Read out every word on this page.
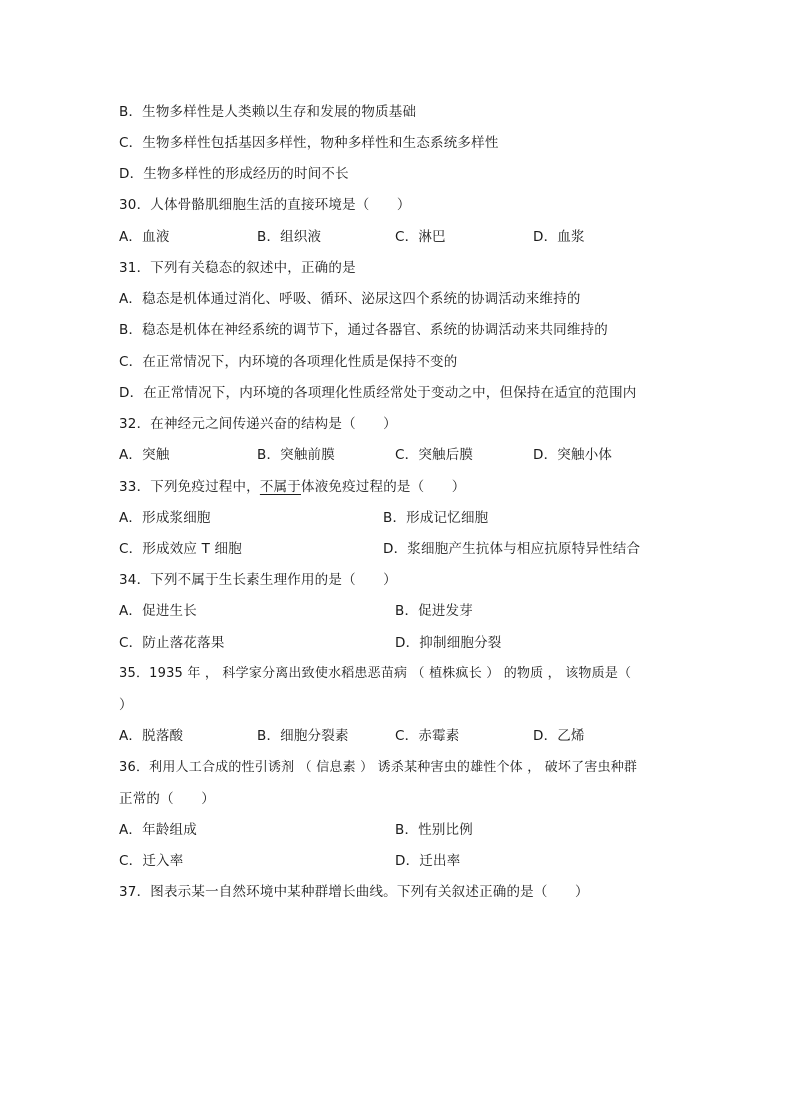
B．生物多样性是人类赖以生存和发展的物质基础

C．生物多样性包括基因多样性，物种多样性和生态系统多样性

D．生物多样性的形成经历的时间不长

30．人体骨骼肌细胞生活的直接环境是（　　）

A．血液	B．组织液	C．淋巴	D．血浆

31．下列有关稳态的叙述中，正确的是

A．稳态是机体通过消化、呼吸、循环、泌尿这四个系统的协调活动来维持的

B．稳态是机体在神经系统的调节下，通过各器官、系统的协调活动来共同维持的

C．在正常情况下，内环境的各项理化性质是保持不变的

D．在正常情况下，内环境的各项理化性质经常处于变动之中，但保持在适宜的范围内

32．在神经元之间传递兴奋的结构是（　　）

A．突触	B．突触前膜	C．突触后膜	D．突触小体

33．下列免疫过程中，不属于体液免疫过程的是（　　）

A．形成浆细胞	B．形成记忆细胞
C．形成效应 T 细胞	D．浆细胞产生抗体与相应抗原特异性结合

34．下列不属于生长素生理作用的是（　　）

A．促进生长	B．促进发芽
C．防止落花落果	D．抑制细胞分裂

35．1935 年 ， 科学家分离出致使水稻患恶苗病 （ 植株疯长 ） 的物质 ， 该物质是（

）

A．脱落酸	B．细胞分裂素	C．赤霉素	D．乙烯

36．利用人工合成的性引诱剂 （ 信息素 ） 诱杀某种害虫的雄性个体 ， 破坏了害虫种群

正常的（　　）

A．年龄组成	B．性别比例
C．迁入率	D．迁出率

37．图表示某一自然环境中某种群增长曲线。下列有关叙述正确的是（　　）
